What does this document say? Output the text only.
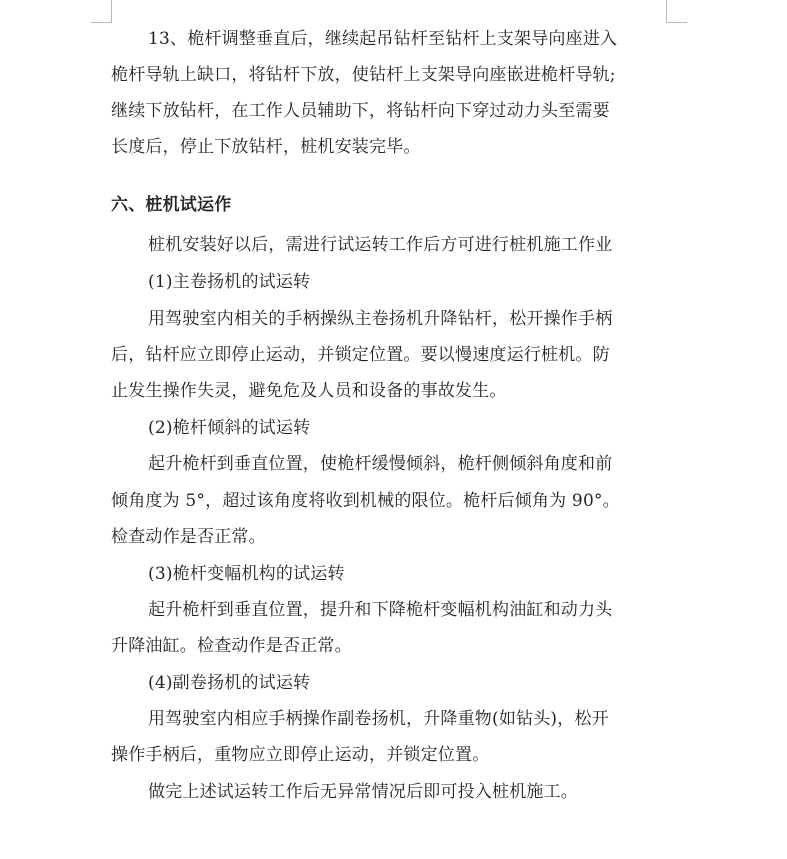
13、桅杆调整垂直后，继续起吊钻杆至钻杆上支架导向座进入
桅杆导轨上缺口，将钻杆下放，使钻杆上支架导向座嵌进桅杆导轨;
继续下放钻杆，在工作人员辅助下，将钻杆向下穿过动力头至需要
长度后，停止下放钻杆，桩机安装完毕。
六、桩机试运作
桩机安装好以后，需进行试运转工作后方可进行桩机施工作业
(1)主卷扬机的试运转
用驾驶室内相关的手柄操纵主卷扬机升降钻杆，松开操作手柄
后，钻杆应立即停止运动，并锁定位置。要以慢速度运行桩机。防
止发生操作失灵，避免危及人员和设备的事故发生。
(2)桅杆倾斜的试运转
起升桅杆到垂直位置，使桅杆缓慢倾斜，桅杆侧倾斜角度和前
倾角度为 5°，超过该角度将收到机械的限位。桅杆后倾角为 90°。
检查动作是否正常。
(3)桅杆变幅机构的试运转
起升桅杆到垂直位置，提升和下降桅杆变幅机构油缸和动力头
升降油缸。检查动作是否正常。
(4)副卷扬机的试运转
用驾驶室内相应手柄操作副卷扬机，升降重物(如钻头)，松开
操作手柄后，重物应立即停止运动，并锁定位置。
做完上述试运转工作后无异常情况后即可投入桩机施工。
